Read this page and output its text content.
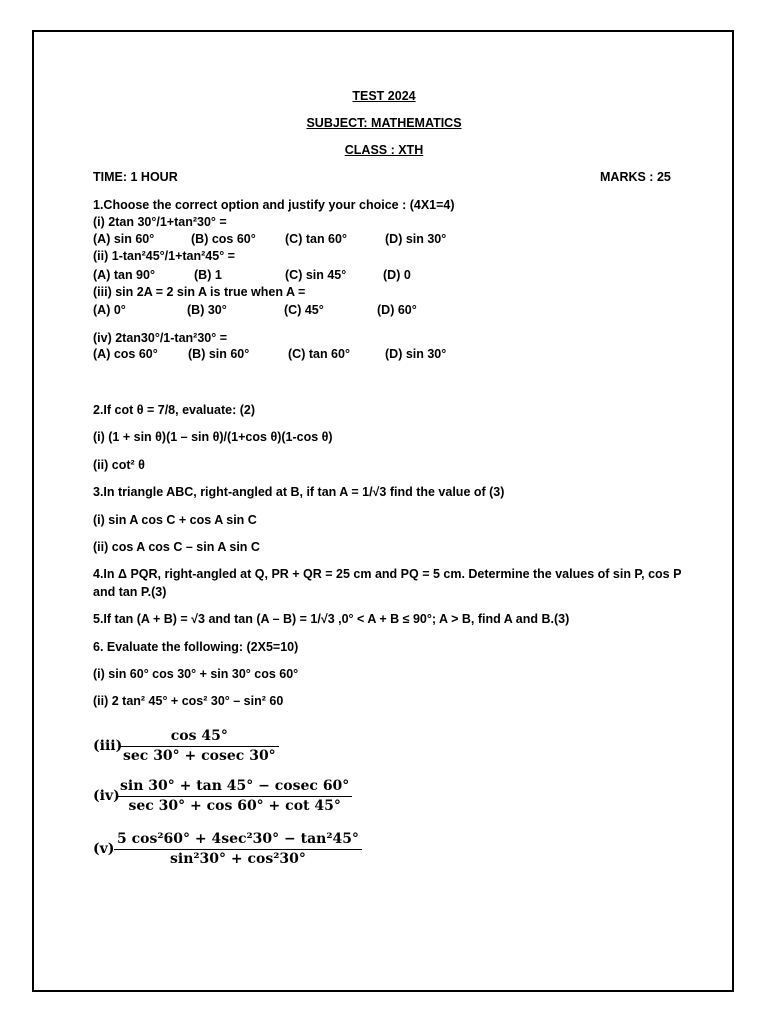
TEST 2024
SUBJECT: MATHEMATICS
CLASS : XTH
TIME: 1 HOUR	MARKS : 25
1.Choose the correct option and justify your choice : (4X1=4)
(i) 2tan 30°/1+tan²30° =
(A) sin 60°	(B) cos 60° (C) tan 60°	(D) sin 30°
(ii) 1-tan²45°/1+tan²45° =
(A) tan 90°	(B) 1	(C) sin 45°	(D) 0
(iii) sin 2A = 2 sin A is true when A =
(A) 0°	(B) 30°	(C) 45°	(D) 60°
(iv) 2tan30°/1-tan²30° =
(A) cos 60° (B) sin 60°	(C) tan 60°	(D) sin 30°
2.If cot θ = 7/8, evaluate: (2)
(i) (1 + sin θ)(1 – sin θ)/(1+cos θ)(1-cos θ)
(ii) cot² θ
3.In triangle ABC, right-angled at B, if tan A = 1/√3 find the value of (3)
(i) sin A cos C + cos A sin C
(ii) cos A cos C – sin A sin C
4.In Δ PQR, right-angled at Q, PR + QR = 25 cm and PQ = 5 cm. Determine the values of sin P, cos P
and tan P.(3)
5.If tan (A + B) = √3 and tan (A – B) = 1/√3 ,0° < A + B ≤ 90°; A > B, find A and B.(3)
6. Evaluate the following: (2X5=10)
(i) sin 60° cos 30° + sin 30° cos 60°
(ii) 2 tan² 45° + cos² 30° – sin² 60
(iii)
cos 45°
sec 30° + cosec 30°
(iv)
sin 30° + tan 45° − cosec 60°
sec 30° + cos 60° + cot 45°
(v)
5 cos²60° + 4sec²30° − tan²45°
sin²30° + cos²30°
